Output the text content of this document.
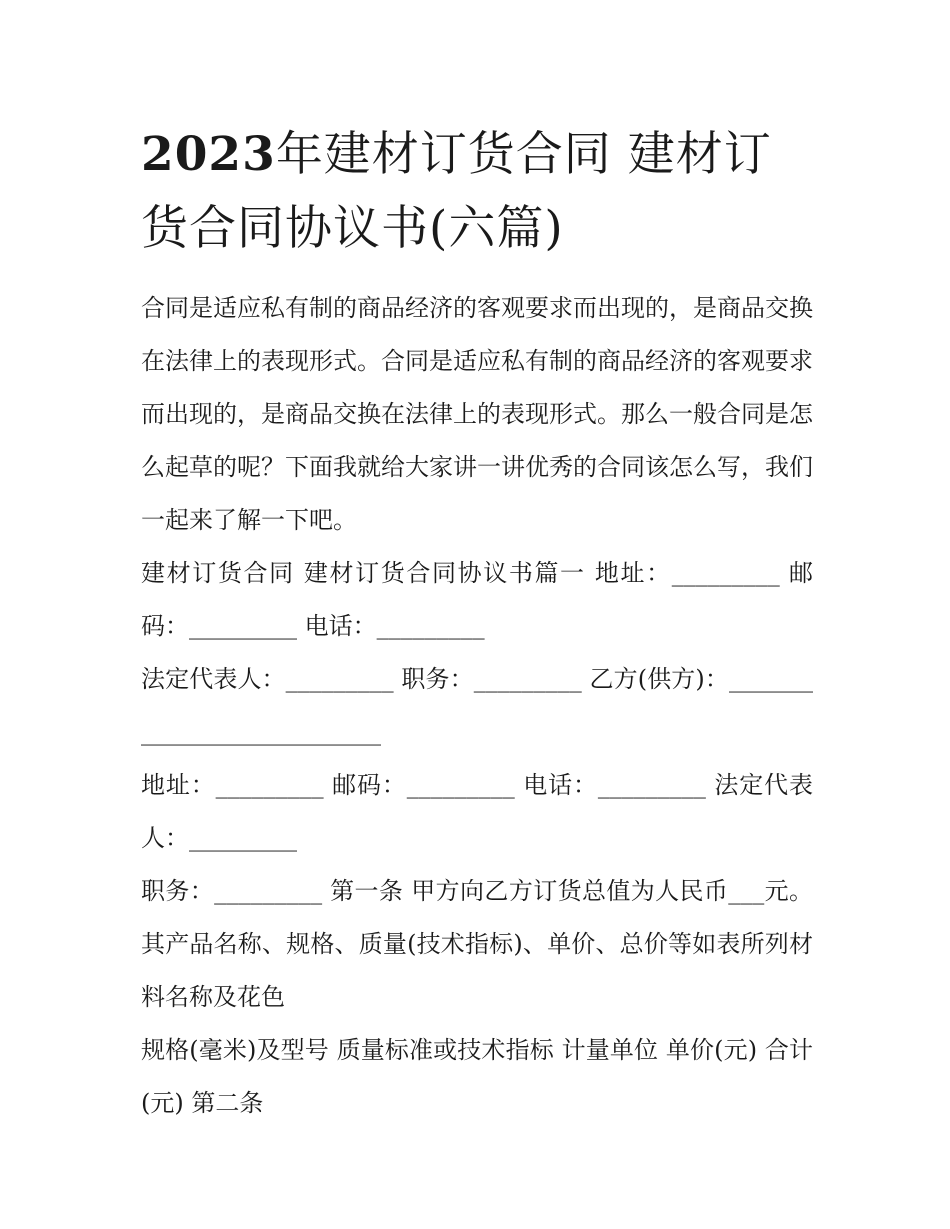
2023年建材订货合同 建材订货合同协议书(六篇)

合同是适应私有制的商品经济的客观要求而出现的，是商品交换在法律上的表现形式。合同是适应私有制的商品经济的客观要求而出现的，是商品交换在法律上的表现形式。那么一般合同是怎么起草的呢？下面我就给大家讲一讲优秀的合同该怎么写，我们一起来了解一下吧。

建材订货合同 建材订货合同协议书篇一 地址：_________ 邮码：_________ 电话：_________

法定代表人：_________ 职务：_________ 乙方(供方)：___________________________

地址：_________ 邮码：_________ 电话：_________ 法定代表人：_________

职务：_________ 第一条 甲方向乙方订货总值为人民币___元。其产品名称、规格、质量(技术指标)、单价、总价等如表所列材料名称及花色

规格(毫米)及型号 质量标准或技术指标 计量单位 单价(元) 合计(元) 第二条
